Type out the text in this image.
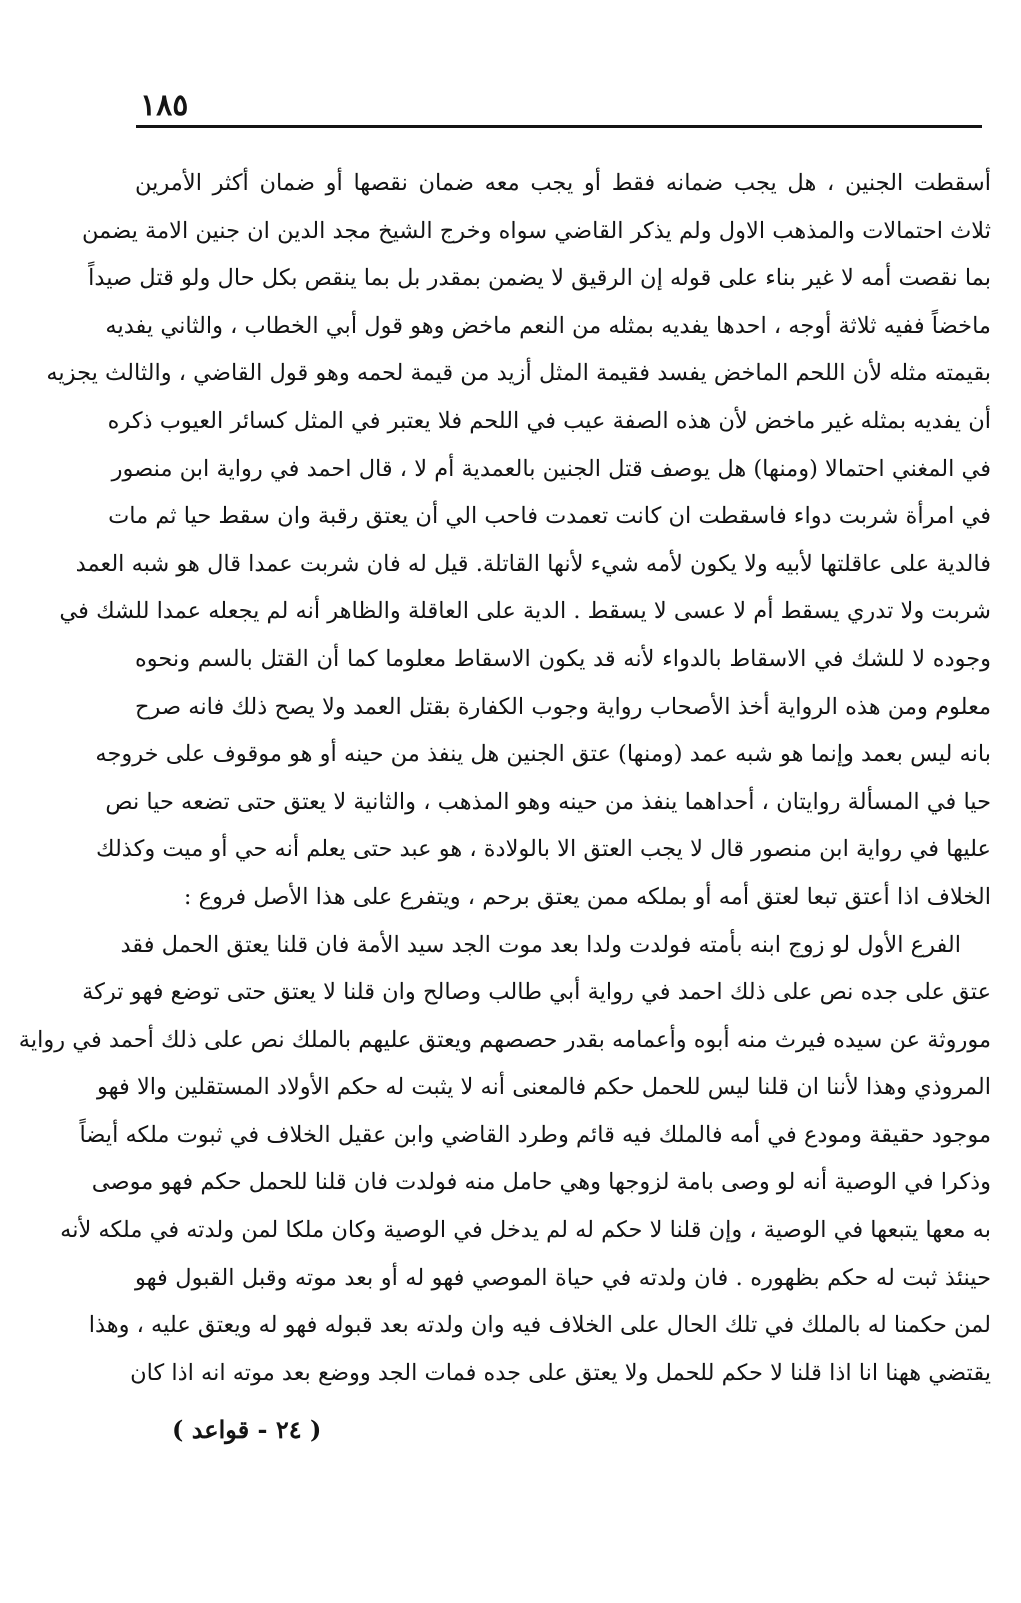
١٨٥
أسقطت الجنين ، هل يجب ضمانه فقط أو يجب معه ضمان نقصها أو ضمان أكثر الأمرين
ثلاث احتمالات والمذهب الاول ولم يذكر القاضي سواه وخرج الشيخ مجد الدين ان جنين الامة يضمن
بما نقصت أمه لا غير بناء على قوله إن الرقيق لا يضمن بمقدر بل بما ينقص بكل حال ولو قتل صيداً
ماخضاً ففيه ثلاثة أوجه ، احدها يفديه بمثله من النعم ماخض وهو قول أبي الخطاب ، والثاني يفديه
بقيمته مثله لأن اللحم الماخض يفسد فقيمة المثل أزيد من قيمة لحمه وهو قول القاضي ، والثالث يجزيه
أن يفديه بمثله غير ماخض لأن هذه الصفة عيب في اللحم فلا يعتبر في المثل كسائر العيوب ذكره
في المغني احتمالا (ومنها) هل يوصف قتل الجنين بالعمدية أم لا ، قال احمد في رواية ابن منصور
في امرأة شربت دواء فاسقطت ان كانت تعمدت فاحب الي أن يعتق رقبة وان سقط حيا ثم مات
فالدية على عاقلتها لأبيه ولا يكون لأمه شيء لأنها القاتلة. قيل له فان شربت عمدا قال هو شبه العمد
شربت ولا تدري يسقط أم لا عسى لا يسقط . الدية على العاقلة والظاهر أنه لم يجعله عمدا للشك في
وجوده لا للشك في الاسقاط بالدواء لأنه قد يكون الاسقاط معلوما كما أن القتل بالسم ونحوه
معلوم ومن هذه الرواية أخذ الأصحاب رواية وجوب الكفارة بقتل العمد ولا يصح ذلك فانه صرح
بانه ليس بعمد وإنما هو شبه عمد (ومنها) عتق الجنين هل ينفذ من حينه أو هو موقوف على خروجه
حيا في المسألة روايتان ، أحداهما ينفذ من حينه وهو المذهب ، والثانية لا يعتق حتى تضعه حيا نص
عليها في رواية ابن منصور قال لا يجب العتق الا بالولادة ، هو عبد حتى يعلم أنه حي أو ميت وكذلك
الخلاف اذا أعتق تبعا لعتق أمه أو بملكه ممن يعتق برحم ، ويتفرع على هذا الأصل فروع :
الفرع الأول لو زوج ابنه بأمته فولدت ولدا بعد موت الجد سيد الأمة فان قلنا يعتق الحمل فقد
عتق على جده نص على ذلك احمد في رواية أبي طالب وصالح وان قلنا لا يعتق حتى توضع فهو تركة
موروثة عن سيده فيرث منه أبوه وأعمامه بقدر حصصهم ويعتق عليهم بالملك نص على ذلك أحمد في رواية
المروذي وهذا لأننا ان قلنا ليس للحمل حكم فالمعنى أنه لا يثبت له حكم الأولاد المستقلين والا فهو
موجود حقيقة ومودع في أمه فالملك فيه قائم وطرد القاضي وابن عقيل الخلاف في ثبوت ملكه أيضاً
وذكرا في الوصية أنه لو وصى بامة لزوجها وهي حامل منه فولدت فان قلنا للحمل حكم فهو موصى
به معها يتبعها في الوصية ، وإن قلنا لا حكم له لم يدخل في الوصية وكان ملكا لمن ولدته في ملكه لأنه
حينئذ ثبت له حكم بظهوره . فان ولدته في حياة الموصي فهو له أو بعد موته وقبل القبول فهو
لمن حكمنا له بالملك في تلك الحال على الخلاف فيه وان ولدته بعد قبوله فهو له ويعتق عليه ، وهذا
يقتضي ههنا انا اذا قلنا لا حكم للحمل ولا يعتق على جده فمات الجد ووضع بعد موته انه اذا كان
( ٢٤ - قواعد )
